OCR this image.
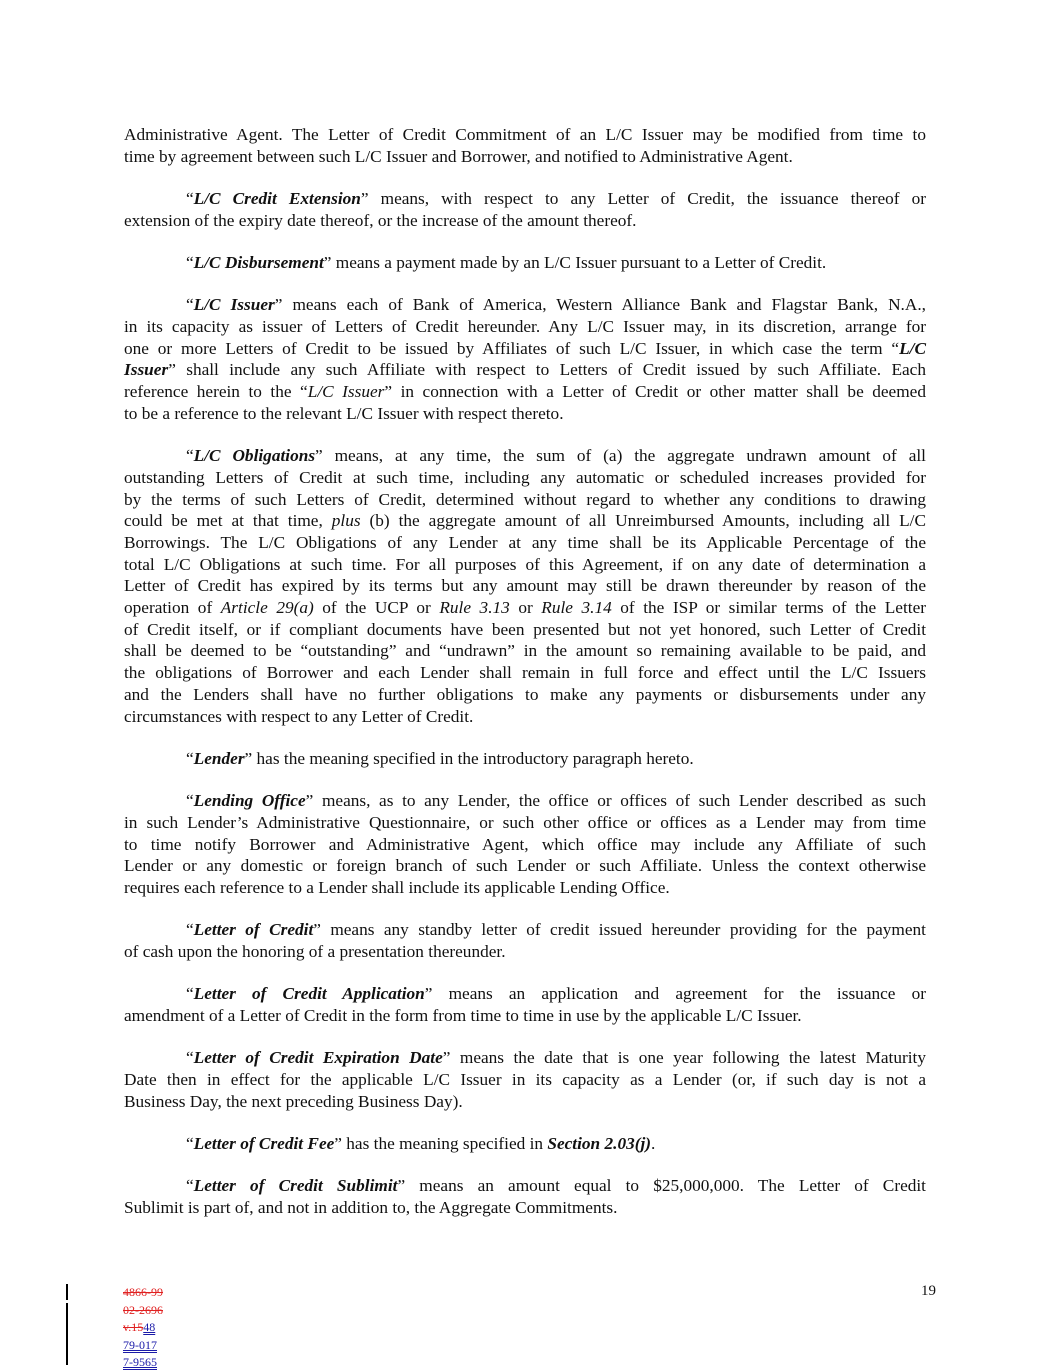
Administrative Agent. The Letter of Credit Commitment of an L/C Issuer may be modified from time to
time by agreement between such L/C Issuer and Borrower, and notified to Administrative Agent.
“L/C Credit Extension” means, with respect to any Letter of Credit, the issuance thereof or
extension of the expiry date thereof, or the increase of the amount thereof.
“L/C Disbursement” means a payment made by an L/C Issuer pursuant to a Letter of Credit.
“L/C Issuer” means each of Bank of America, Western Alliance Bank and Flagstar Bank, N.A.,
in its capacity as issuer of Letters of Credit hereunder. Any L/C Issuer may, in its discretion, arrange for
one or more Letters of Credit to be issued by Affiliates of such L/C Issuer, in which case the term “L/C
Issuer” shall include any such Affiliate with respect to Letters of Credit issued by such Affiliate. Each
reference herein to the “L/C Issuer” in connection with a Letter of Credit or other matter shall be deemed
to be a reference to the relevant L/C Issuer with respect thereto.
“L/C Obligations” means, at any time, the sum of (a) the aggregate undrawn amount of all
outstanding Letters of Credit at such time, including any automatic or scheduled increases provided for
by the terms of such Letters of Credit, determined without regard to whether any conditions to drawing
could be met at that time, plus (b) the aggregate amount of all Unreimbursed Amounts, including all L/C
Borrowings. The L/C Obligations of any Lender at any time shall be its Applicable Percentage of the
total L/C Obligations at such time. For all purposes of this Agreement, if on any date of determination a
Letter of Credit has expired by its terms but any amount may still be drawn thereunder by reason of the
operation of Article 29(a) of the UCP or Rule 3.13 or Rule 3.14 of the ISP or similar terms of the Letter
of Credit itself, or if compliant documents have been presented but not yet honored, such Letter of Credit
shall be deemed to be “outstanding” and “undrawn” in the amount so remaining available to be paid, and
the obligations of Borrower and each Lender shall remain in full force and effect until the L/C Issuers
and the Lenders shall have no further obligations to make any payments or disbursements under any
circumstances with respect to any Letter of Credit.
“Lender” has the meaning specified in the introductory paragraph hereto.
“Lending Office” means, as to any Lender, the office or offices of such Lender described as such
in such Lender’s Administrative Questionnaire, or such other office or offices as a Lender may from time
to time notify Borrower and Administrative Agent, which office may include any Affiliate of such
Lender or any domestic or foreign branch of such Lender or such Affiliate. Unless the context otherwise
requires each reference to a Lender shall include its applicable Lending Office.
“Letter of Credit” means any standby letter of credit issued hereunder providing for the payment
of cash upon the honoring of a presentation thereunder.
“Letter of Credit Application” means an application and agreement for the issuance or
amendment of a Letter of Credit in the form from time to time in use by the applicable L/C Issuer.
“Letter of Credit Expiration Date” means the date that is one year following the latest Maturity
Date then in effect for the applicable L/C Issuer in its capacity as a Lender (or, if such day is not a
Business Day, the next preceding Business Day).
“Letter of Credit Fee” has the meaning specified in Section 2.03(j).
“Letter of Credit Sublimit” means an amount equal to $25,000,000. The Letter of Credit
Sublimit is part of, and not in addition to, the Aggregate Commitments.
4866-99
02-2696
v.1548
79-017
7-9565
19
